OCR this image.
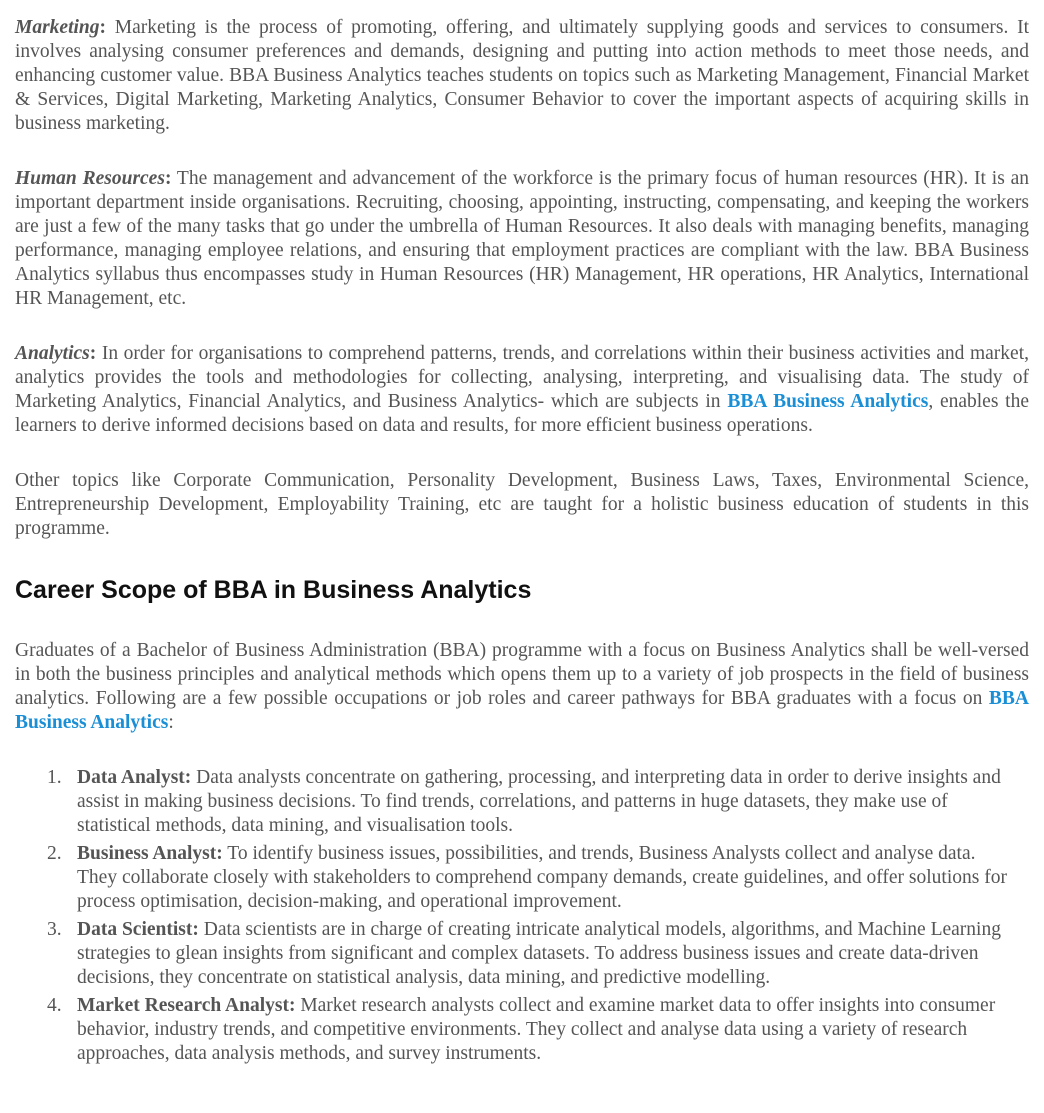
Marketing: Marketing is the process of promoting, offering, and ultimately supplying goods and services to consumers. It involves analysing consumer preferences and demands, designing and putting into action methods to meet those needs, and enhancing customer value. BBA Business Analytics teaches students on topics such as Marketing Management, Financial Market & Services, Digital Marketing, Marketing Analytics, Consumer Behavior to cover the important aspects of acquiring skills in business marketing.

Human Resources: The management and advancement of the workforce is the primary focus of human resources (HR). It is an important department inside organisations. Recruiting, choosing, appointing, instructing, compensating, and keeping the workers are just a few of the many tasks that go under the umbrella of Human Resources. It also deals with managing benefits, managing performance, managing employee relations, and ensuring that employment practices are compliant with the law. BBA Business Analytics syllabus thus encompasses study in Human Resources (HR) Management, HR operations, HR Analytics, International HR Management, etc.

Analytics: In order for organisations to comprehend patterns, trends, and correlations within their business activities and market, analytics provides the tools and methodologies for collecting, analysing, interpreting, and visualising data. The study of Marketing Analytics, Financial Analytics, and Business Analytics- which are subjects in BBA Business Analytics, enables the learners to derive informed decisions based on data and results, for more efficient business operations.

Other topics like Corporate Communication, Personality Development, Business Laws, Taxes, Environmental Science, Entrepreneurship Development, Employability Training, etc are taught for a holistic business education of students in this programme.

Career Scope of BBA in Business Analytics

Graduates of a Bachelor of Business Administration (BBA) programme with a focus on Business Analytics shall be well-versed in both the business principles and analytical methods which opens them up to a variety of job prospects in the field of business analytics. Following are a few possible occupations or job roles and career pathways for BBA graduates with a focus on BBA Business Analytics:

1. Data Analyst: Data analysts concentrate on gathering, processing, and interpreting data in order to derive insights and assist in making business decisions. To find trends, correlations, and patterns in huge datasets, they make use of statistical methods, data mining, and visualisation tools.
2. Business Analyst: To identify business issues, possibilities, and trends, Business Analysts collect and analyse data. They collaborate closely with stakeholders to comprehend company demands, create guidelines, and offer solutions for process optimisation, decision-making, and operational improvement.
3. Data Scientist: Data scientists are in charge of creating intricate analytical models, algorithms, and Machine Learning strategies to glean insights from significant and complex datasets. To address business issues and create data-driven decisions, they concentrate on statistical analysis, data mining, and predictive modelling.
4. Market Research Analyst: Market research analysts collect and examine market data to offer insights into consumer behavior, industry trends, and competitive environments. They collect and analyse data using a variety of research approaches, data analysis methods, and survey instruments.
